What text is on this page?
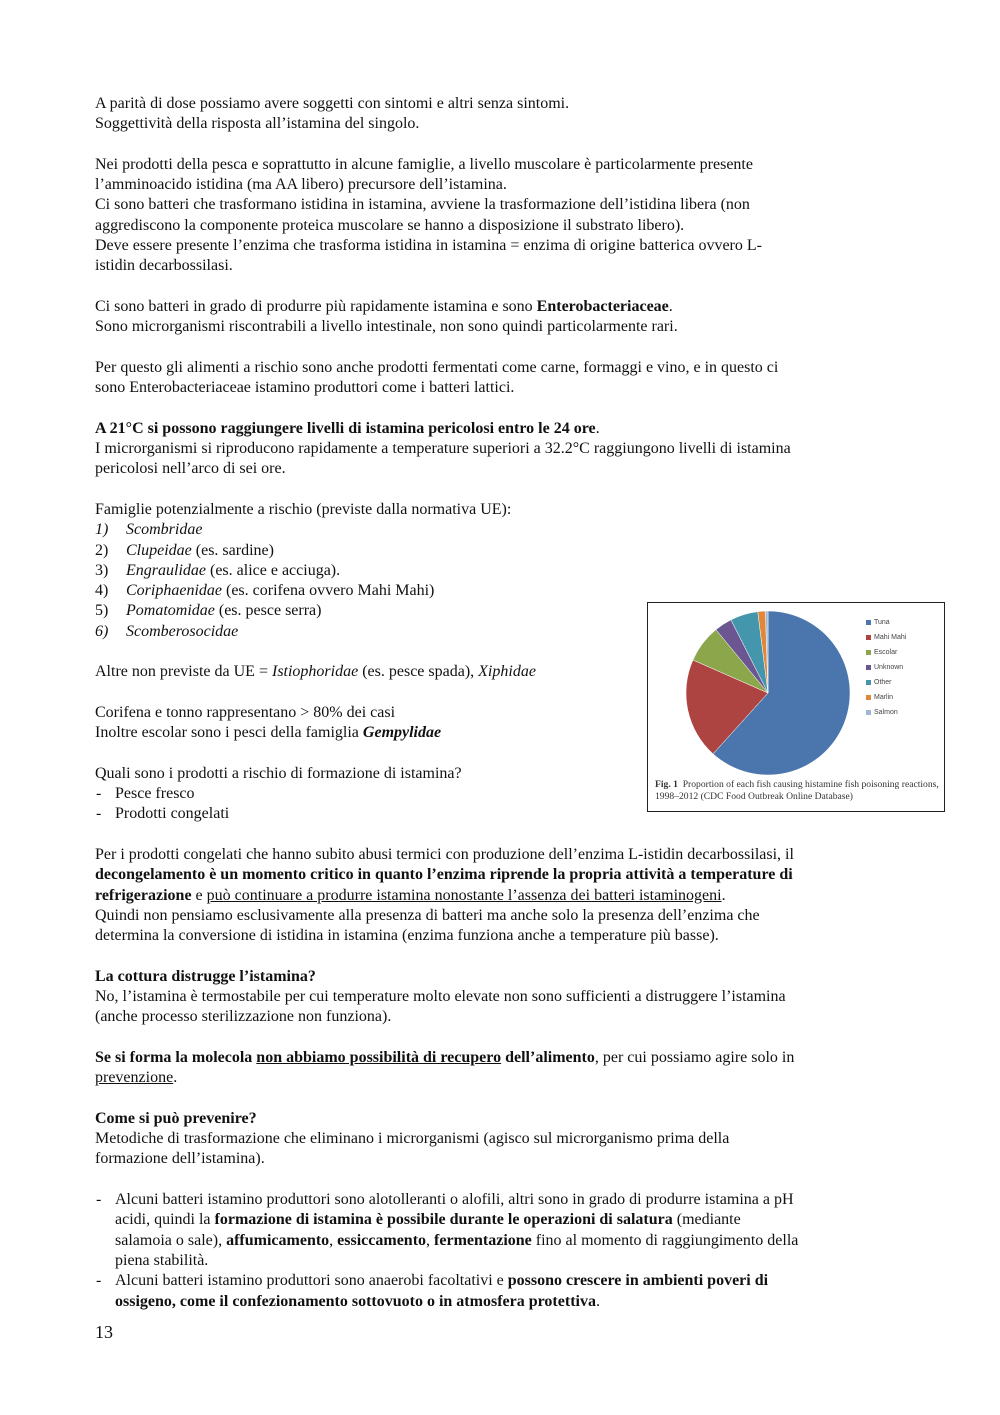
A parità di dose possiamo avere soggetti con sintomi e altri senza sintomi.

Soggettività della risposta all’istamina del singolo.

Nei prodotti della pesca e soprattutto in alcune famiglie, a livello muscolare è particolarmente presente

l’amminoacido istidina (ma AA libero) precursore dell’istamina.

Ci sono batteri che trasformano istidina in istamina, avviene la trasformazione dell’istidina libera (non

aggrediscono la componente proteica muscolare se hanno a disposizione il substrato libero).

Deve essere presente l’enzima che trasforma istidina in istamina = enzima di origine batterica ovvero L-

istidin decarbossilasi.

Ci sono batteri in grado di produrre più rapidamente istamina e sono Enterobacteriaceae.

Sono microrganismi riscontrabili a livello intestinale, non sono quindi particolarmente rari.

Per questo gli alimenti a rischio sono anche prodotti fermentati come carne, formaggi e vino, e in questo ci

sono Enterobacteriaceae istamino produttori come i batteri lattici.

A 21°C si possono raggiungere livelli di istamina pericolosi entro le 24 ore.

I microrganismi si riproducono rapidamente a temperature superiori a 32.2°C raggiungono livelli di istamina

pericolosi nell’arco di sei ore.

Famiglie potenzialmente a rischio (previste dalla normativa UE):

1) Scombridae

2) Clupeidae (es. sardine)

3) Engraulidae (es. alice e acciuga).

4) Coriphaenidae (es. corifena ovvero Mahi Mahi)

5) Pomatomidae (es. pesce serra)

6) Scomberosocidae

Altre non previste da UE = Istiophoridae (es. pesce spada), Xiphidae

Corifena e tonno rappresentano > 80% dei casi

Inoltre escolar sono i pesci della famiglia Gempylidae

Quali sono i prodotti a rischio di formazione di istamina?

- Pesce fresco

- Prodotti congelati

Per i prodotti congelati che hanno subito abusi termici con produzione dell’enzima L-istidin decarbossilasi, il

decongelamento è un momento critico in quanto l’enzima riprende la propria attività a temperature di

refrigerazione e può continuare a produrre istamina nonostante l’assenza dei batteri istaminogeni.

Quindi non pensiamo esclusivamente alla presenza di batteri ma anche solo la presenza dell’enzima che

determina la conversione di istidina in istamina (enzima funziona anche a temperature più basse).

La cottura distrugge l’istamina?

No, l’istamina è termostabile per cui temperature molto elevate non sono sufficienti a distruggere l’istamina

(anche processo sterilizzazione non funziona).

Se si forma la molecola non abbiamo possibilità di recupero dell’alimento, per cui possiamo agire solo in

prevenzione.

Come si può prevenire?

Metodiche di trasformazione che eliminano i microrganismi (agisco sul microrganismo prima della

formazione dell’istamina).

- Alcuni batteri istamino produttori sono alotolleranti o alofili, altri sono in grado di produrre istamina a pH

acidi, quindi la formazione di istamina è possibile durante le operazioni di salatura (mediante

salamoia o sale), affumicamento, essiccamento, fermentazione fino al momento di raggiungimento della

piena stabilità.

- Alcuni batteri istamino produttori sono anaerobi facoltativi e possono crescere in ambienti poveri di

ossigeno, come il confezionamento sottovuoto o in atmosfera protettiva.

Tuna
Mahi Mahi
Escolar
Unknown
Other
Marlin
Salmon
Fig. 1 Proportion of each fish causing histamine fish poisoning reactions, 1998–2012 (CDC Food Outbreak Online Database)
13
